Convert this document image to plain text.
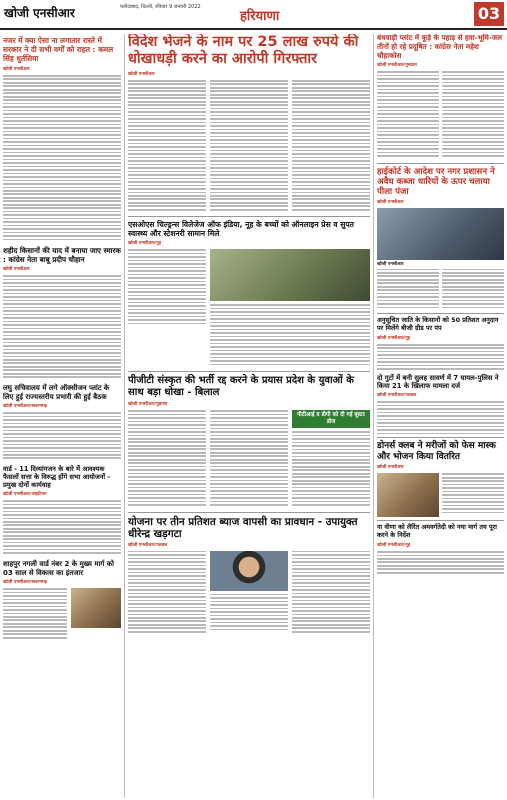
खोजी एनसीआर	फरीदाबाद, दिल्ली, रविवार 9 जनवरी 2022
हरियाणा	03
नजर में क्या ऐसा ना लगातार रास्ते में सरकार ने दी सभी वर्गों को राहत : कमल सिंह धुर्तसिया
खोजी एनसीआर
शहीद किसानों की याद में बनाया जाए स्मारक : कांग्रेस नेता बाबू प्रदीप चौहान
खोजी एनसीआर
लघु सचिवालय में लगे ऑक्सीजन प्लांट के लिए हुई राज्यस्तरीय प्रभारी की हुई बैठक
खोजी एनसीआर/बल्लभगढ़
वार्ड - 11 दिव्यांगजन के बारे में आवश्यक फैसलों सत्ता के विरुद्ध होंगे सभा आयोजनों - प्रमुख दोनों कार्यवाह
खोजी एनसीआर/आइटियन
शाहपुर नगली वार्ड नंबर 2 के मुख्य मार्ग को 03 साल से विकास का इंतजार
खोजी एनसीआर/बल्लभगढ़
विदेश भेजने के नाम पर 25 लाख रुपये की धोखाधड़ी करने का आरोपी गिरफ्तार
खोजी एनसीआर
एसओएस चिल्ड्रन्स विलेजेज ऑफ इंडिया, नूह के बच्चों को ऑनलाइन प्रेस व सुपत स्वास्थ्य और स्टेशनरी सामान मिले
खोजी एनसीआर/नूह
पीजीटी संस्कृत की भर्ती रद्द करने के प्रयास प्रदेश के युवाओं के साथ बड़ा धोखा - बिलाल
खोजी एनसीआर/गुड़गांव
पीटीआई व डीपी को दी गई बूस्टर डोज
योजना पर तीन प्रतिशत ब्याज वापसी का प्रावधान - उपायुक्त धीरेन्द्र खड़गटा
खोजी एनसीआर/पलवल
बंधवाड़ी प्लांट में कूड़े के पहाड़ से हवा-भूमि-जल तीनों हो रहे प्रदूषित : कांग्रेस नेता महेश चौहाकोस
खोजी एनसीआर/गुरुग्राम
हाईकोर्ट के आदेश पर नगर प्रशासन ने अवैध कब्जा धारियों के ऊपर चलाया पीला पंजा
खोजी एनसीआर
खोजी एनसीआर
अनुसूचित जाति के किसानों को 50 प्रतिशत अनुदान पर मिलेंगे बीजी ग्रीड पर पंप
खोजी एनसीआर/नूह
दो गुटों में बनी सुलह सावर्ण में 7 घायल-पुलिस ने किया 21 के खिलाफ मामला दर्ज
खोजी एनसीआर/पलवल
डोनर्स क्लब ने मरीजों को फेस मास्क और भोजन किया वितरित
खोजी एनसीआर
ना वीणा को लैरिंत अमवर्गतेदी को नया मार्ग तय पूरा करने के निर्देश
खोजी एनसीआर/नूह
